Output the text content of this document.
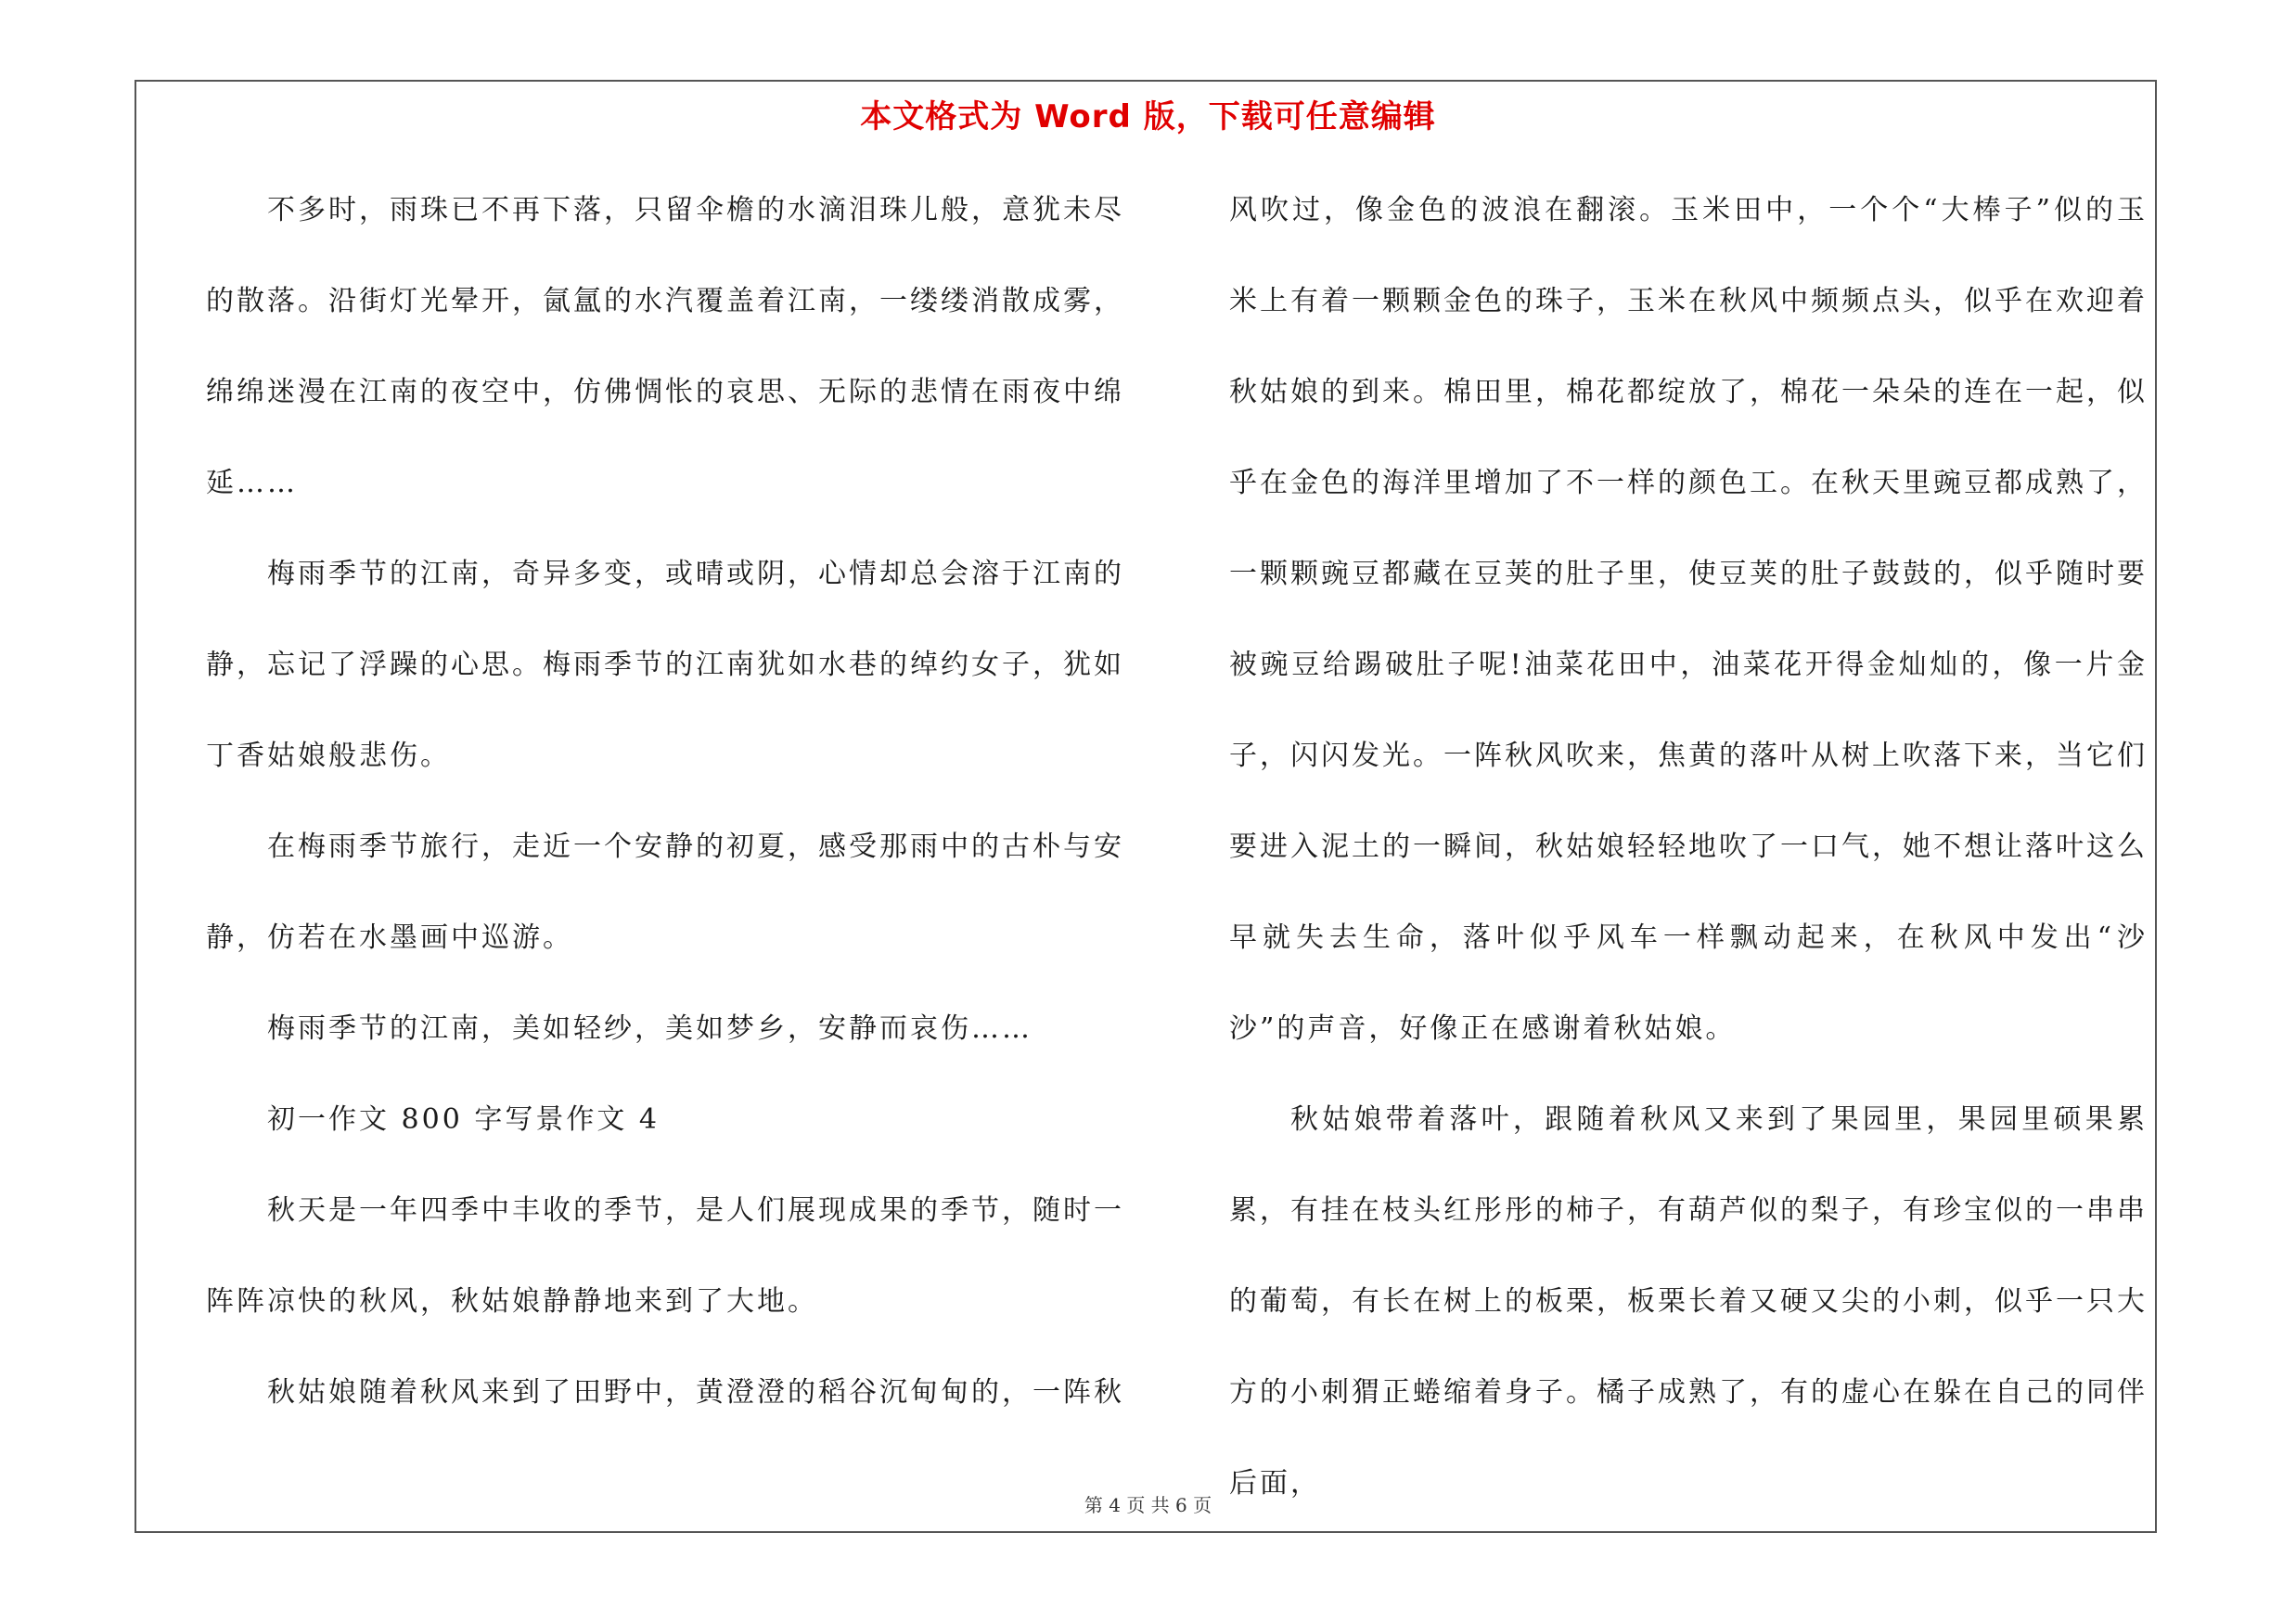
本文格式为 Word 版，下载可任意编辑

不多时，雨珠已不再下落，只留伞檐的水滴泪珠儿般，意犹未尽的散落。沿街灯光晕开，氤氲的水汽覆盖着江南，一缕缕消散成雾，绵绵迷漫在江南的夜空中，仿佛惆怅的哀思、无际的悲情在雨夜中绵延……

梅雨季节的江南，奇异多变，或晴或阴，心情却总会溶于江南的静，忘记了浮躁的心思。梅雨季节的江南犹如水巷的绰约女子，犹如丁香姑娘般悲伤。

在梅雨季节旅行，走近一个安静的初夏，感受那雨中的古朴与安静，仿若在水墨画中巡游。

梅雨季节的江南，美如轻纱，美如梦乡，安静而哀伤……

初一作文 800 字写景作文 4

秋天是一年四季中丰收的季节，是人们展现成果的季节，随时一阵阵凉快的秋风，秋姑娘静静地来到了大地。

秋姑娘随着秋风来到了田野中，黄澄澄的稻谷沉甸甸的，一阵秋

风吹过，像金色的波浪在翻滚。玉米田中，一个个“大棒子”似的玉米上有着一颗颗金色的珠子，玉米在秋风中频频点头，似乎在欢迎着秋姑娘的到来。棉田里，棉花都绽放了，棉花一朵朵的连在一起，似乎在金色的海洋里增加了不一样的颜色工。在秋天里豌豆都成熟了，一颗颗豌豆都藏在豆荚的肚子里，使豆荚的肚子鼓鼓的，似乎随时要被豌豆给踢破肚子呢!油菜花田中，油菜花开得金灿灿的，像一片金子，闪闪发光。一阵秋风吹来，焦黄的落叶从树上吹落下来，当它们要进入泥土的一瞬间，秋姑娘轻轻地吹了一口气，她不想让落叶这么早就失去生命，落叶似乎风车一样飘动起来，在秋风中发出“沙沙”的声音，好像正在感谢着秋姑娘。

秋姑娘带着落叶，跟随着秋风又来到了果园里，果园里硕果累累，有挂在枝头红彤彤的柿子，有葫芦似的梨子，有珍宝似的一串串的葡萄，有长在树上的板栗，板栗长着又硬又尖的小刺，似乎一只大方的小刺猬正蜷缩着身子。橘子成熟了，有的虚心在躲在自己的同伴后面，

第 4 页 共 6 页
